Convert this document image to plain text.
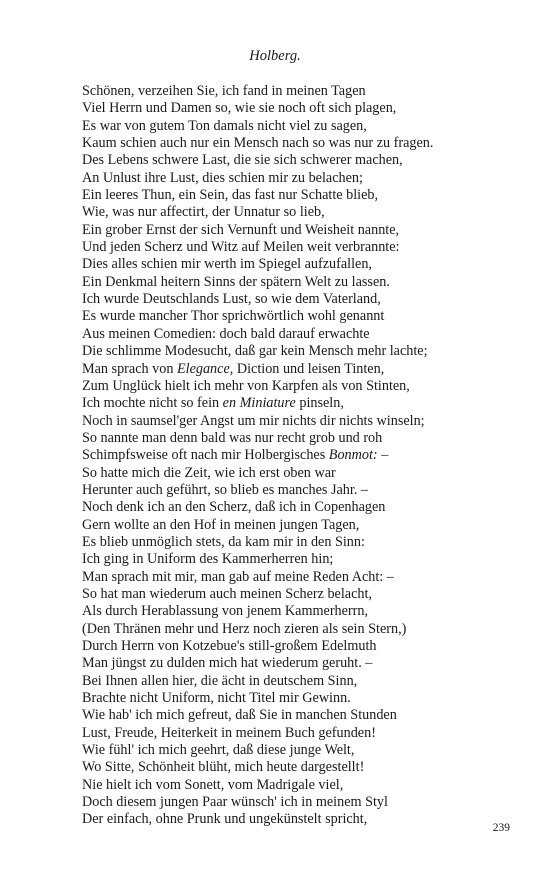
Holberg.
Schönen, verzeihen Sie, ich fand in meinen Tagen
Viel Herrn und Damen so, wie sie noch oft sich plagen,
Es war von gutem Ton damals nicht viel zu sagen,
Kaum schien auch nur ein Mensch nach so was nur zu fragen.
Des Lebens schwere Last, die sie sich schwerer machen,
An Unlust ihre Lust, dies schien mir zu belachen;
Ein leeres Thun, ein Sein, das fast nur Schatte blieb,
Wie, was nur affectirt, der Unnatur so lieb,
Ein grober Ernst der sich Vernunft und Weisheit nannte,
Und jeden Scherz und Witz auf Meilen weit verbrannte:
Dies alles schien mir werth im Spiegel aufzufallen,
Ein Denkmal heitern Sinns der spätern Welt zu lassen.
Ich wurde Deutschlands Lust, so wie dem Vaterland,
Es wurde mancher Thor sprichwörtlich wohl genannt
Aus meinen Comedien: doch bald darauf erwachte
Die schlimme Modesucht, daß gar kein Mensch mehr lachte;
Man sprach von Elegance, Diction und leisen Tinten,
Zum Unglück hielt ich mehr von Karpfen als von Stinten,
Ich mochte nicht so fein en Miniature pinseln,
Noch in saumsel'ger Angst um mir nichts dir nichts winseln;
So nannte man denn bald was nur recht grob und roh
Schimpfsweise oft nach mir Holbergisches Bonmot: –
So hatte mich die Zeit, wie ich erst oben war
Herunter auch geführt, so blieb es manches Jahr. –
Noch denk ich an den Scherz, daß ich in Copenhagen
Gern wollte an den Hof in meinen jungen Tagen,
Es blieb unmöglich stets, da kam mir in den Sinn:
Ich ging in Uniform des Kammerherren hin;
Man sprach mit mir, man gab auf meine Reden Acht: –
So hat man wiederum auch meinen Scherz belacht,
Als durch Herablassung von jenem Kammerherrn,
(Den Thränen mehr und Herz noch zieren als sein Stern,)
Durch Herrn von Kotzebue's still-großem Edelmuth
Man jüngst zu dulden mich hat wiederum geruht. –
Bei Ihnen allen hier, die ächt in deutschem Sinn,
Brachte nicht Uniform, nicht Titel mir Gewinn.
Wie hab' ich mich gefreut, daß Sie in manchen Stunden
Lust, Freude, Heiterkeit in meinem Buch gefunden!
Wie fühl' ich mich geehrt, daß diese junge Welt,
Wo Sitte, Schönheit blüht, mich heute dargestellt!
Nie hielt ich vom Sonett, vom Madrigale viel,
Doch diesem jungen Paar wünsch' ich in meinem Styl
Der einfach, ohne Prunk und ungekünstelt spricht,
239
